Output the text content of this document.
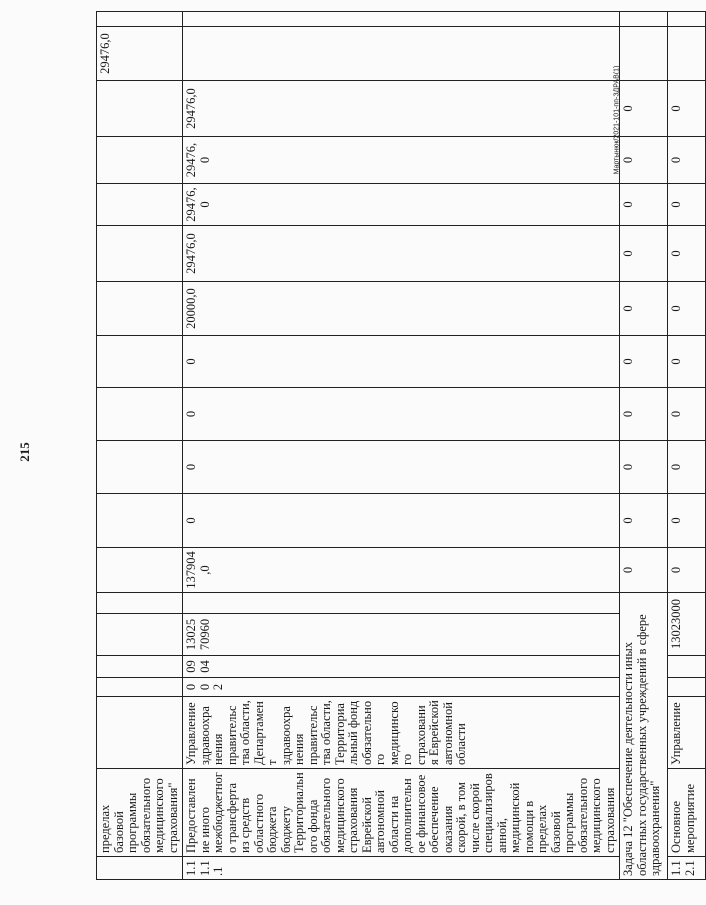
215
Мартынюк/2021-101-пп-ЗДРАВ(1)
	пределах базовой программы обязательного медицинского страхования"																29476,0	
1.11.1.1	Предоставление иного межбюджетного трансферта из средств областного бюджета бюджету Территориального фонда обязательного медицинского страхования Еврейской автономной области на дополнительное финансовое обеспечение оказания скорой, в том числе скорой специализированной, медицинской помощи в пределах базовой программы обязательного медицинского страхования	Управление здравоохранения правительства области, Департамент здравоохранения правительства области, Территориальный фонд обязательного медицинского страхования Еврейской автономной области	002	0904	1302570960		137904,0	0	0	0	0	20000,0	29476,0	29476,0	29476,0	29476,0		
Задача 12 "Обеспечение деятельности иных областных государственных учреждений в сфере здравоохранения"							0	0	0	0	0	0	0	0	0	0		
1.12.1	Основное мероприятие	Управление			13023000		0	0	0	0	0	0	0	0	0	0		
